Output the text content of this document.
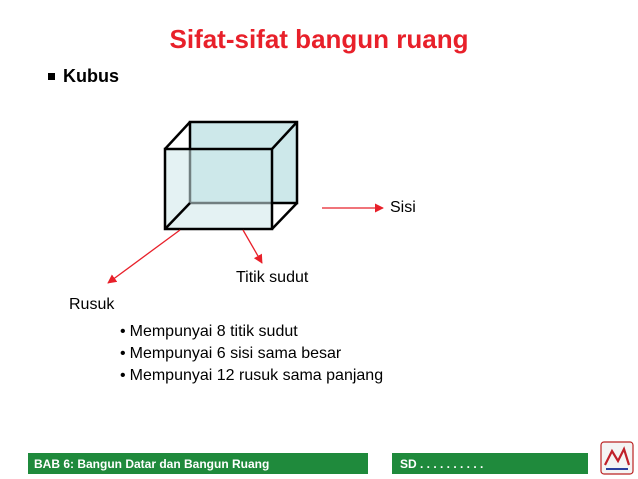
Sifat-sifat bangun ruang
Kubus
Sisi
Titik sudut
Rusuk
• Mempunyai 8 titik sudut
• Mempunyai 6 sisi sama besar
• Mempunyai 12 rusuk sama panjang
BAB 6: Bangun Datar dan Bangun Ruang	SD . . . . . . . . . .
